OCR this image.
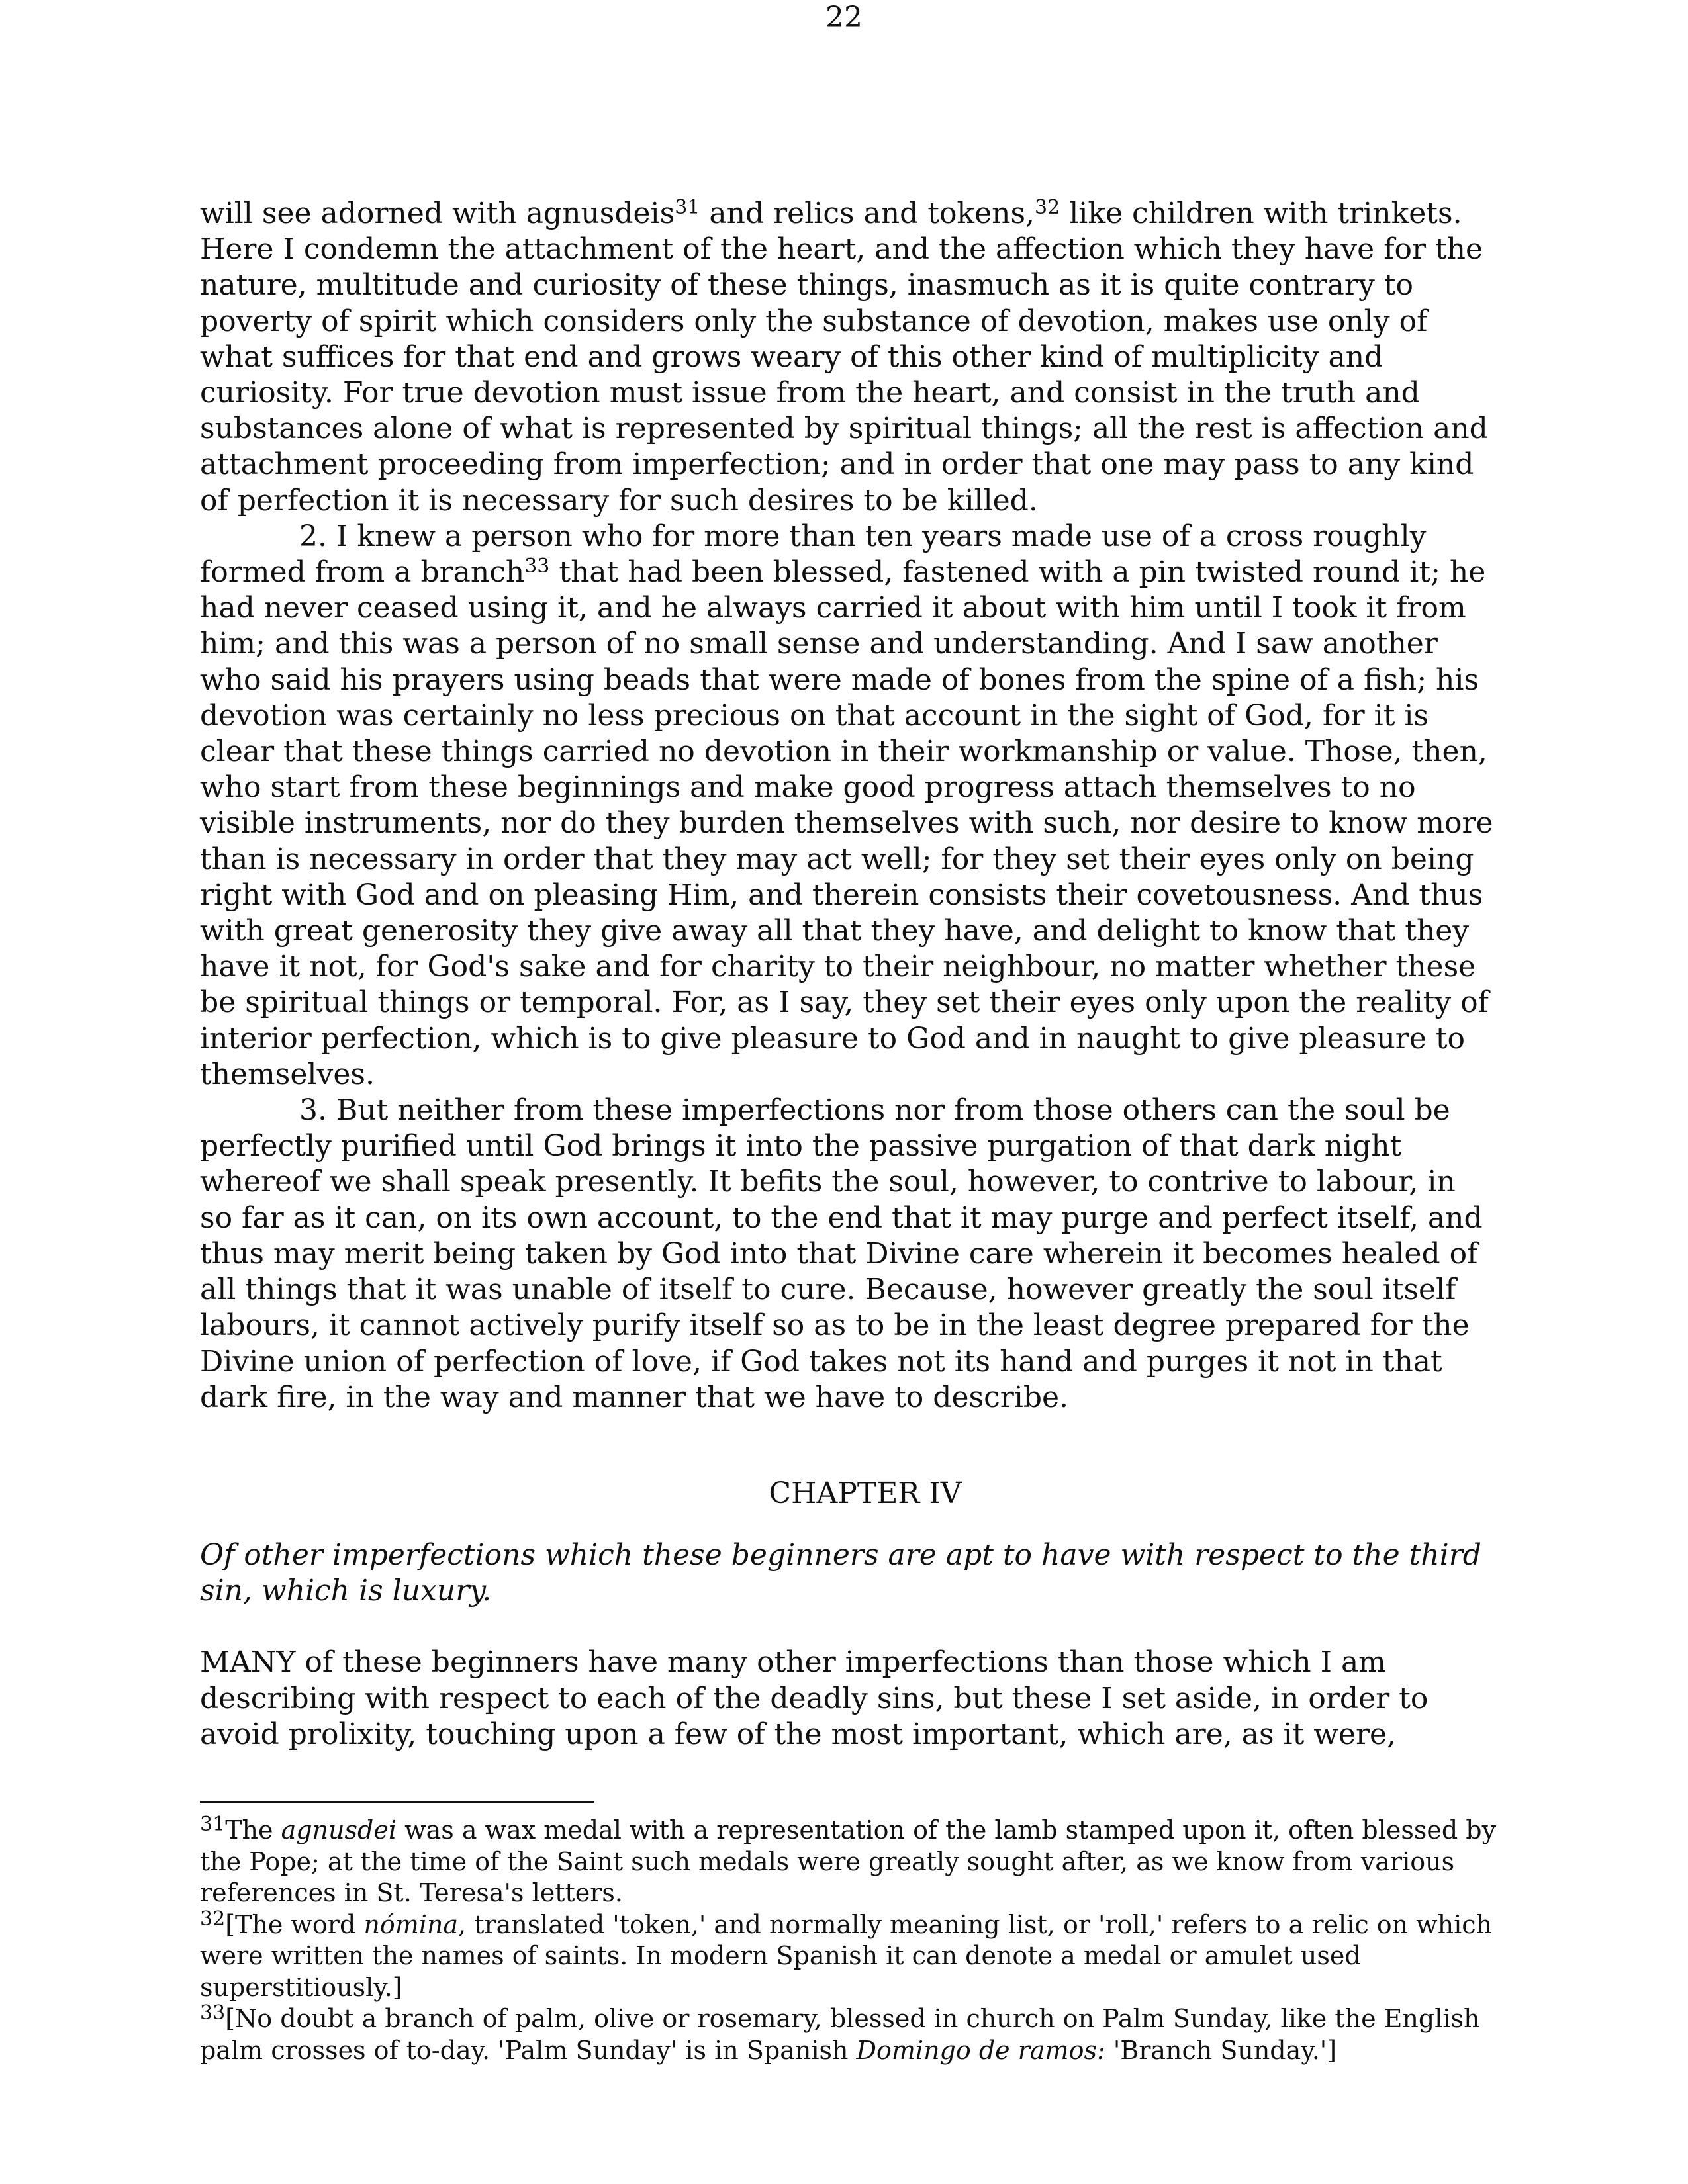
22

will see adorned with agnusdeis$^{31}$ and relics and tokens,$^{32}$ like children with trinkets. Here I condemn the attachment of the heart, and the affection which they have for the nature, multitude and curiosity of these things, inasmuch as it is quite contrary to poverty of spirit which considers only the substance of devotion, makes use only of what suffices for that end and grows weary of this other kind of multiplicity and curiosity. For true devotion must issue from the heart, and consist in the truth and substances alone of what is represented by spiritual things; all the rest is affection and attachment proceeding from imperfection; and in order that one may pass to any kind of perfection it is necessary for such desires to be killed.

2. I knew a person who for more than ten years made use of a cross roughly formed from a branch$^{33}$ that had been blessed, fastened with a pin twisted round it; he had never ceased using it, and he always carried it about with him until I took it from him; and this was a person of no small sense and understanding. And I saw another who said his prayers using beads that were made of bones from the spine of a fish; his devotion was certainly no less precious on that account in the sight of God, for it is clear that these things carried no devotion in their workmanship or value. Those, then, who start from these beginnings and make good progress attach themselves to no visible instruments, nor do they burden themselves with such, nor desire to know more than is necessary in order that they may act well; for they set their eyes only on being right with God and on pleasing Him, and therein consists their covetousness. And thus with great generosity they give away all that they have, and delight to know that they have it not, for God's sake and for charity to their neighbour, no matter whether these be spiritual things or temporal. For, as I say, they set their eyes only upon the reality of interior perfection, which is to give pleasure to God and in naught to give pleasure to themselves.

3. But neither from these imperfections nor from those others can the soul be perfectly purified until God brings it into the passive purgation of that dark night whereof we shall speak presently. It befits the soul, however, to contrive to labour, in so far as it can, on its own account, to the end that it may purge and perfect itself, and thus may merit being taken by God into that Divine care wherein it becomes healed of all things that it was unable of itself to cure. Because, however greatly the soul itself labours, it cannot actively purify itself so as to be in the least degree prepared for the Divine union of perfection of love, if God takes not its hand and purges it not in that dark fire, in the way and manner that we have to describe.

CHAPTER IV

Of other imperfections which these beginners are apt to have with respect to the third sin, which is luxury.

MANY of these beginners have many other imperfections than those which I am describing with respect to each of the deadly sins, but these I set aside, in order to avoid prolixity, touching upon a few of the most important, which are, as it were,

$^{31}$The agnusdei was a wax medal with a representation of the lamb stamped upon it, often blessed by the Pope; at the time of the Saint such medals were greatly sought after, as we know from various references in St. Teresa's letters.

$^{32}$[The word nómina, translated 'token,' and normally meaning list, or 'roll,' refers to a relic on which were written the names of saints. In modern Spanish it can denote a medal or amulet used superstitiously.]

$^{33}$[No doubt a branch of palm, olive or rosemary, blessed in church on Palm Sunday, like the English palm crosses of to-day. 'Palm Sunday' is in Spanish Domingo de ramos: 'Branch Sunday.']
